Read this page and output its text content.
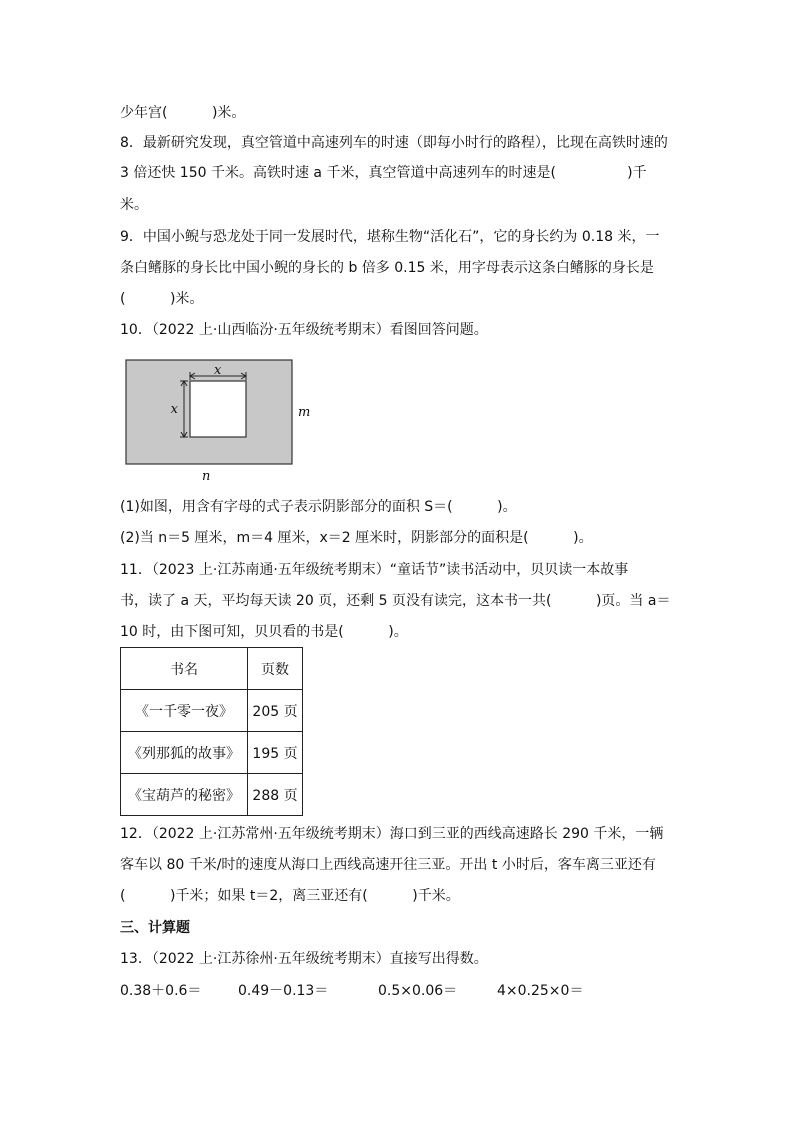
少年宫(          )米。
8．最新研究发现，真空管道中高速列车的时速（即每小时行的路程），比现在高铁时速的
3 倍还快 150 千米。高铁时速 a 千米，真空管道中高速列车的时速是(                )千
米。
9．中国小鲵与恐龙处于同一发展时代，堪称生物“活化石”，它的身长约为 0.18 米，一
条白鳍豚的身长比中国小鲵的身长的 b 倍多 0.15 米，用字母表示这条白鳍豚的身长是
(          )米。
10．（2022 上·山西临汾·五年级统考期末）看图回答问题。
x
x	m
n
(1)如图，用含有字母的式子表示阴影部分的面积 S＝(          )。
(2)当 n＝5 厘米，m＝4 厘米，x＝2 厘米时，阴影部分的面积是(          )。
11．（2023 上·江苏南通·五年级统考期末）“童话节”读书活动中，贝贝读一本故事
书，读了 a 天，平均每天读 20 页，还剩 5 页没有读完，这本书一共(          )页。当 a＝
10 时，由下图可知，贝贝看的书是(          )。
书名	页数
《一千零一夜》	205 页
《列那狐的故事》	195 页
《宝葫芦的秘密》	288 页
12．（2022 上·江苏常州·五年级统考期末）海口到三亚的西线高速路长 290 千米，一辆
客车以 80 千米/时的速度从海口上西线高速开往三亚。开出 t 小时后，客车离三亚还有
(          )千米；如果 t＝2，离三亚还有(          )千米。
三、计算题
13．（2022 上·江苏徐州·五年级统考期末）直接写出得数。
0.38＋0.6＝	0.49－0.13＝	0.5×0.06＝	4×0.25×0＝
